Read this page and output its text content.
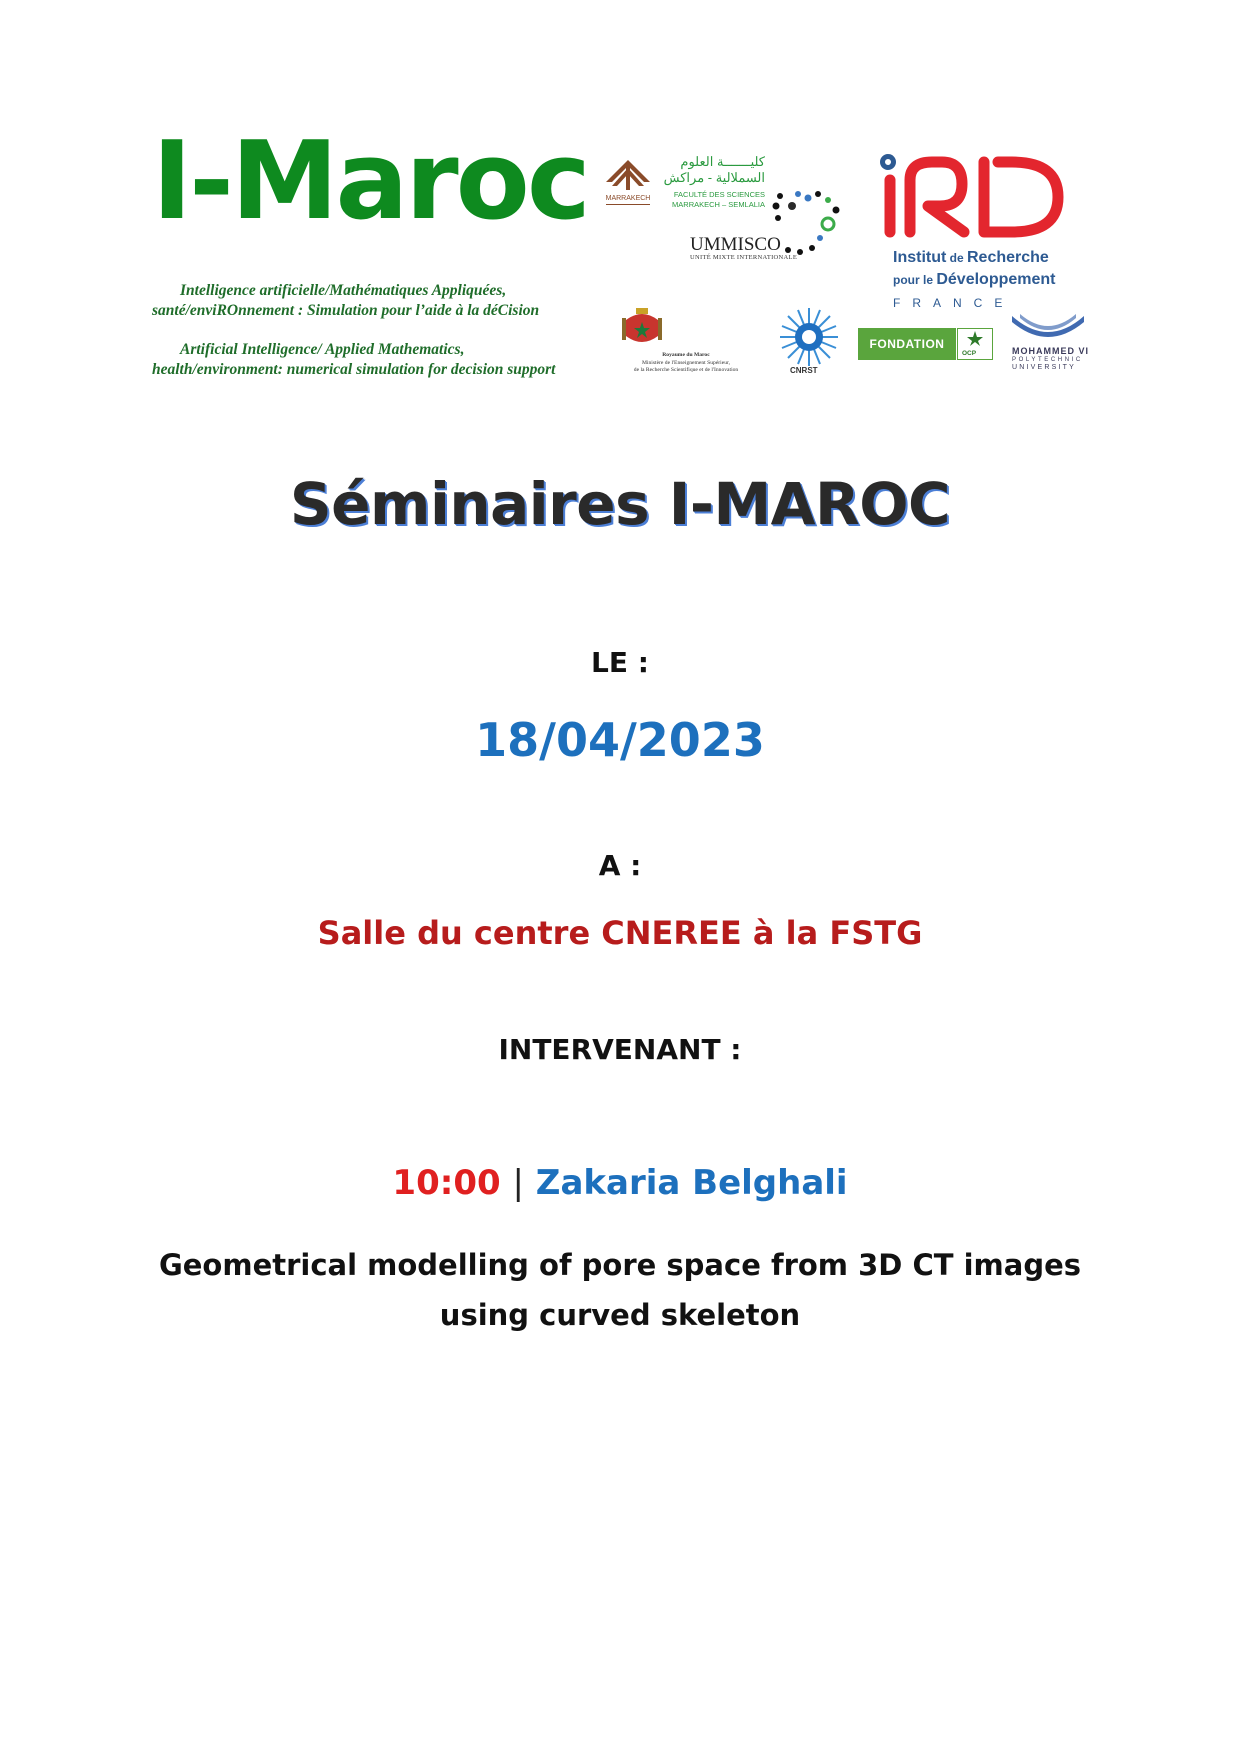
I-Maroc
Intelligence artificielle/Mathématiques Appliquées,
santé/enviROnnement : Simulation pour l’aide à la déCision
Artificial Intelligence/ Applied Mathematics,
health/environment: numerical simulation for decision support
MARRAKECH
كليـــــــة العلوم
السملالية - مراكش
FACULTÉ DES SCIENCES
MARRAKECH – SEMLALIA
UMMISCO
UNITÉ MIXTE INTERNATIONALE	Institut de Recherche
pour le Développement
FRANCE
Royaume du Maroc
Ministère de l'Enseignement Supérieur,
de la Recherche Scientifique et de l'Innovation	CNRST
FONDATION
OCP	MOHAMMED VI
POLYTECHNIC
UNIVERSITY
Séminaires I-MAROC
LE :
18/04/2023
A :
Salle du centre CNEREE à la FSTG
INTERVENANT :
10:00 | Zakaria Belghali
Geometrical modelling of pore space from 3D CT images
using curved skeleton
